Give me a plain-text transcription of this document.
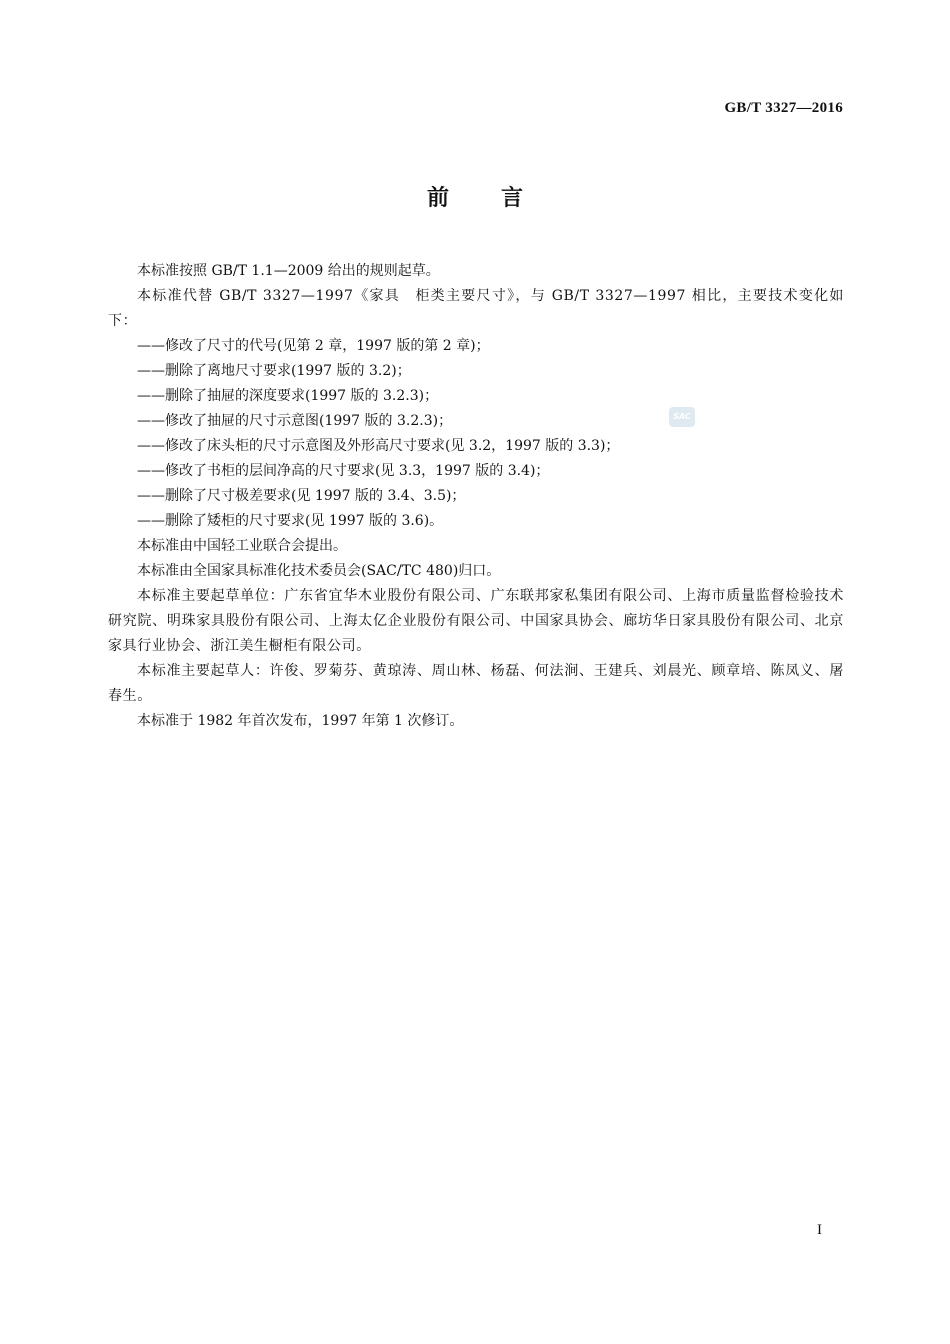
GB/T 3327—2016
前言

本标准按照 GB/T 1.1—2009 给出的规则起草。

本标准代替 GB/T 3327—1997《家具　柜类主要尺寸》，与 GB/T 3327—1997 相比，主要技术变化如下：

——修改了尺寸的代号(见第 2 章，1997 版的第 2 章)；

——删除了离地尺寸要求(1997 版的 3.2)；

——删除了抽屉的深度要求(1997 版的 3.2.3)；

——修改了抽屉的尺寸示意图(1997 版的 3.2.3)；

——修改了床头柜的尺寸示意图及外形高尺寸要求(见 3.2，1997 版的 3.3)；

——修改了书柜的层间净高的尺寸要求(见 3.3，1997 版的 3.4)；

——删除了尺寸极差要求(见 1997 版的 3.4、3.5)；

——删除了矮柜的尺寸要求(见 1997 版的 3.6)。

本标准由中国轻工业联合会提出。

本标准由全国家具标准化技术委员会(SAC/TC 480)归口。

本标准主要起草单位：广东省宜华木业股份有限公司、广东联邦家私集团有限公司、上海市质量监督检验技术研究院、明珠家具股份有限公司、上海太亿企业股份有限公司、中国家具协会、廊坊华日家具股份有限公司、北京家具行业协会、浙江美生橱柜有限公司。

本标准主要起草人：许俊、罗菊芬、黄琼涛、周山林、杨磊、何法涧、王建兵、刘晨光、顾章培、陈凤义、屠春生。

本标准于 1982 年首次发布，1997 年第 1 次修订。

SAC
I
